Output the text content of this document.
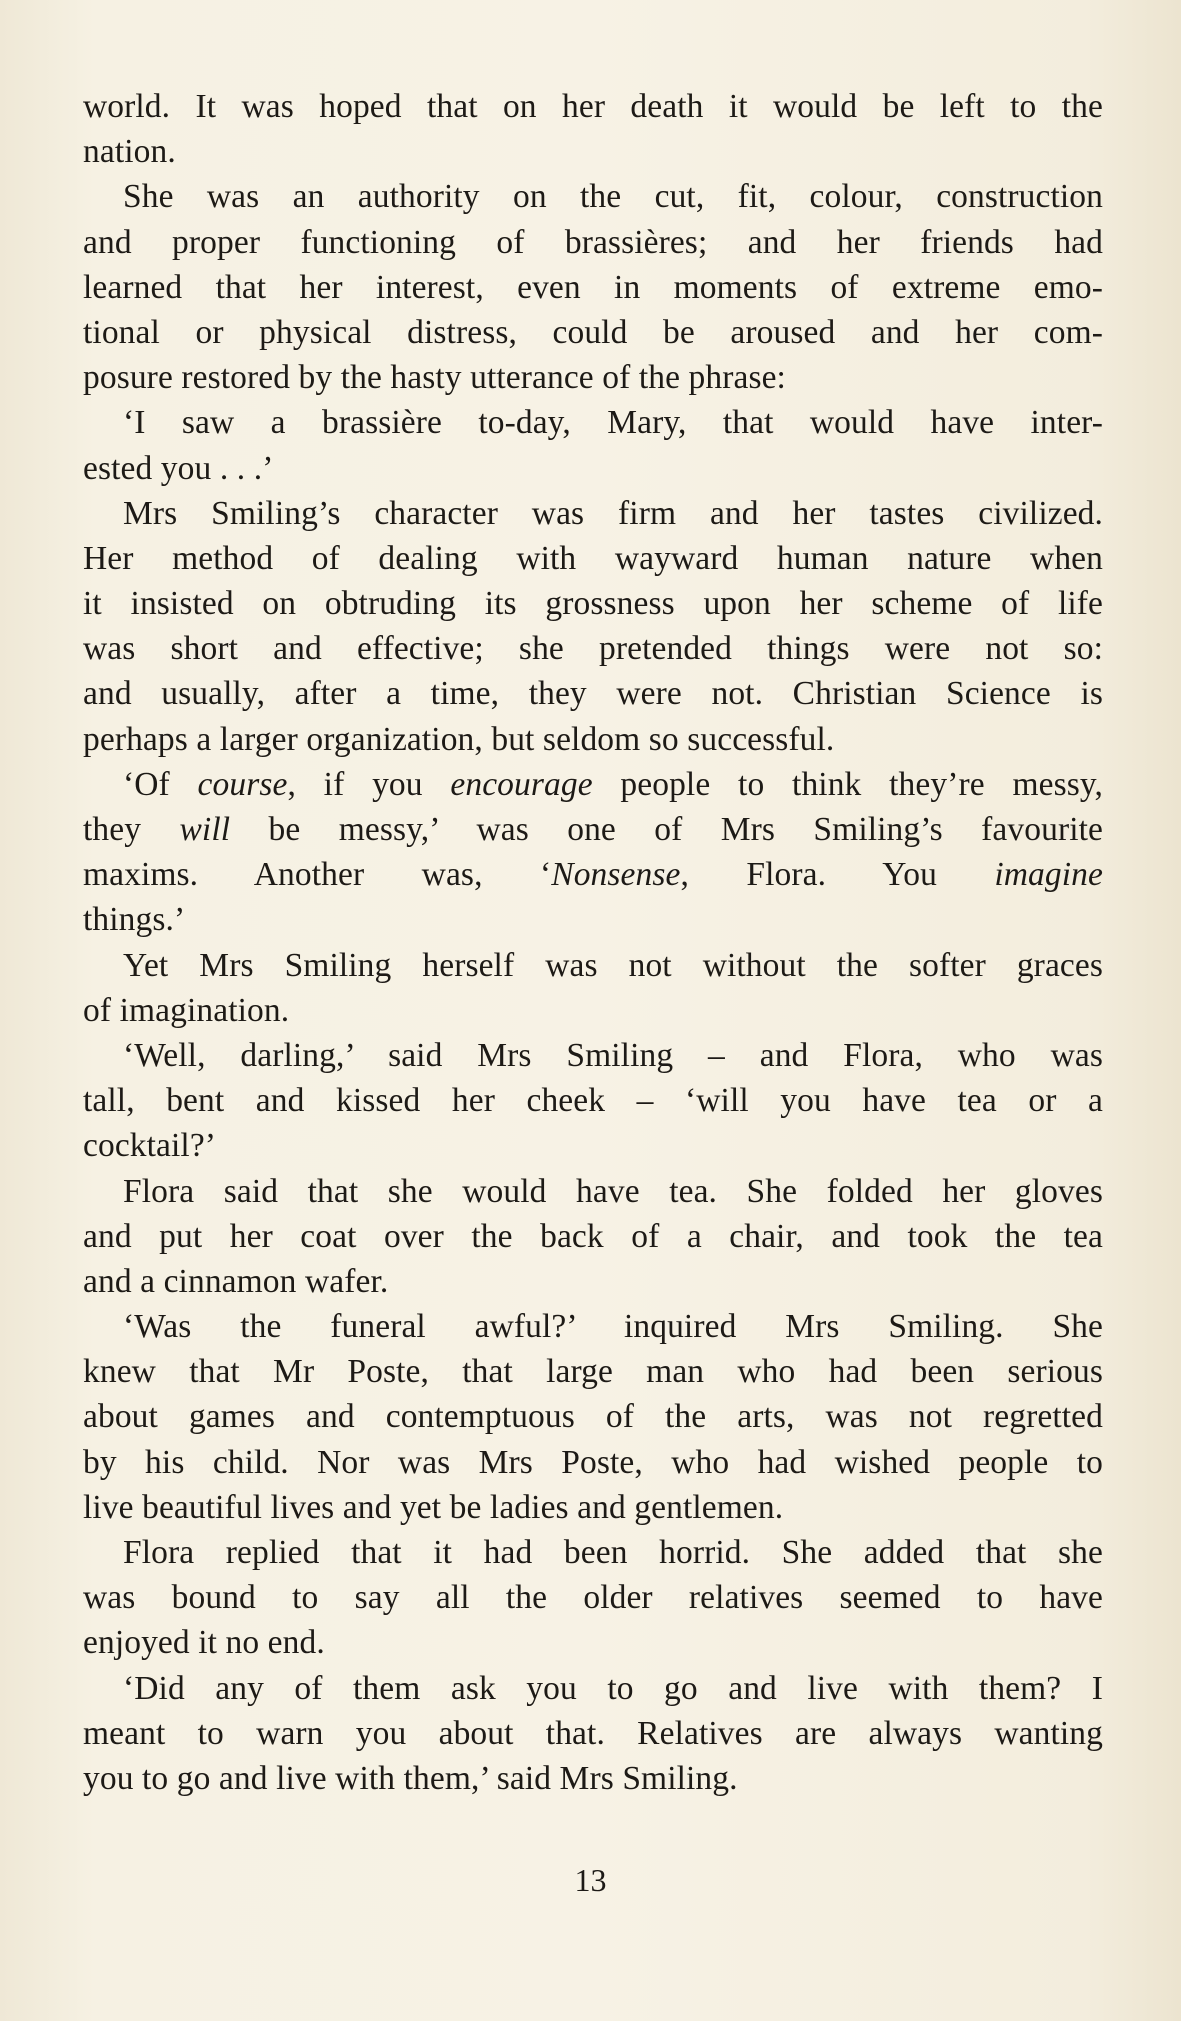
world. It was hoped that on her death it would be left to the
nation.
She was an authority on the cut, fit, colour, construction
and proper functioning of brassières; and her friends had
learned that her interest, even in moments of extreme emo-
tional or physical distress, could be aroused and her com-
posure restored by the hasty utterance of the phrase:
‘I saw a brassière to-day, Mary, that would have inter-
ested you . . .’
Mrs Smiling’s character was firm and her tastes civilized.
Her method of dealing with wayward human nature when
it insisted on obtruding its grossness upon her scheme of life
was short and effective; she pretended things were not so:
and usually, after a time, they were not. Christian Science is
perhaps a larger organization, but seldom so successful.
‘Of course, if you encourage people to think they’re messy,
they will be messy,’ was one of Mrs Smiling’s favourite
maxims. Another was, ‘Nonsense, Flora. You imagine
things.’
Yet Mrs Smiling herself was not without the softer graces
of imagination.
‘Well, darling,’ said Mrs Smiling – and Flora, who was
tall, bent and kissed her cheek – ‘will you have tea or a
cocktail?’
Flora said that she would have tea. She folded her gloves
and put her coat over the back of a chair, and took the tea
and a cinnamon wafer.
‘Was the funeral awful?’ inquired Mrs Smiling. She
knew that Mr Poste, that large man who had been serious
about games and contemptuous of the arts, was not regretted
by his child. Nor was Mrs Poste, who had wished people to
live beautiful lives and yet be ladies and gentlemen.
Flora replied that it had been horrid. She added that she
was bound to say all the older relatives seemed to have
enjoyed it no end.
‘Did any of them ask you to go and live with them? I
meant to warn you about that. Relatives are always wanting
you to go and live with them,’ said Mrs Smiling.
13
